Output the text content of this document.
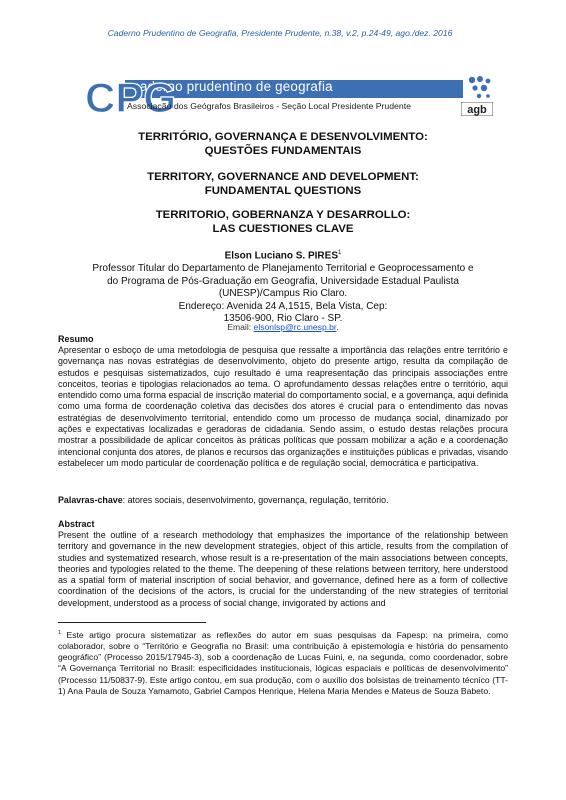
Caderno Prudentino de Geografia, Presidente Prudente, n.38, v.2, p.24-49, ago./dez. 2016
caderno prudentino de geografia
CPG
Associação dos Geógrafos Brasileiros - Seção Local Presidente Prudente	agb
TERRITÓRIO, GOVERNANÇA E DESENVOLVIMENTO:
QUESTÕES FUNDAMENTAIS
TERRITORY, GOVERNANCE AND DEVELOPMENT:
FUNDAMENTAL QUESTIONS
TERRITORIO, GOBERNANZA Y DESARROLLO:
LAS CUESTIONES CLAVE
Elson Luciano S. PIRES$^1$
Professor Titular do Departamento de Planejamento Territorial e Geoprocessamento e
do Programa de Pós-Graduação em Geografia, Universidade Estadual Paulista
(UNESP)/Campus Rio Claro.
Endereço: Avenida 24 A,1515, Bela Vista, Cep:
13506-900, Rio Claro - SP.
Email: elsonlsp@rc.unesp.br.
Resumo
Apresentar o esboço de uma metodologia de pesquisa que ressalte a importância das relações entre território e governança nas novas estratégias de desenvolvimento, objeto do presente artigo, resulta da compilação de estudos e pesquisas sistematizados, cujo resultado é uma reapresentação das principais associações entre conceitos, teorias e tipologias relacionados ao tema. O aprofundamento dessas relações entre o território, aqui entendido como uma forma espacial de inscrição material do comportamento social, e a governança, aqui definida como uma forma de coordenação coletiva das decisões dos atores é crucial para o entendimento das novas estratégias de desenvolvimento territorial, entendido como um processo de mudança social, dinamizado por ações e expectativas localizadas e geradoras de cidadania. Sendo assim, o estudo destas relações procura mostrar a possibilidade de aplicar conceitos às práticas políticas que possam mobilizar a ação e a coordenação intencional conjunta dos atores, de planos e recursos das organizações e instituições públicas e privadas, visando estabelecer um modo particular de coordenação política e de regulação social, democrática e participativa.
Palavras-chave: atores sociais, desenvolvimento, governança, regulação, território.
Abstract
Present the outline of a research methodology that emphasizes the importance of the relationship between territory and governance in the new development strategies, object of this article, results from the compilation of studies and systematized research, whose result is a re-presentation of the main associations between concepts, theories and typologies related to the theme. The deepening of these relations between territory, here understood as a spatial form of material inscription of social behavior, and governance, defined here as a form of collective coordination of the decisions of the actors, is crucial for the understanding of the new strategies of territorial development, understood as a process of social change, invigorated by actions and
$^1$ Este artigo procura sistematizar as reflexões do autor em suas pesquisas da Fapesp: na primeira, como colaborador, sobre o “Território e Geografia no Brasil: uma contribuição à epistemologia e história do pensamento geográfico” (Processo 2015/17945-3), sob a coordenação de Lucas Fuini, e, na segunda, como coordenador, sobre “A Governança Territorial no Brasil: especificidades institucionais, lógicas espaciais e políticas de desenvolvimento” (Processo 11/50837-9). Este artigo contou, em sua produção, com o auxílio dos bolsistas de treinamento técnico (TT-1) Ana Paula de Souza Yamamoto, Gabriel Campos Henrique, Helena Maria Mendes e Mateus de Souza Babeto.
